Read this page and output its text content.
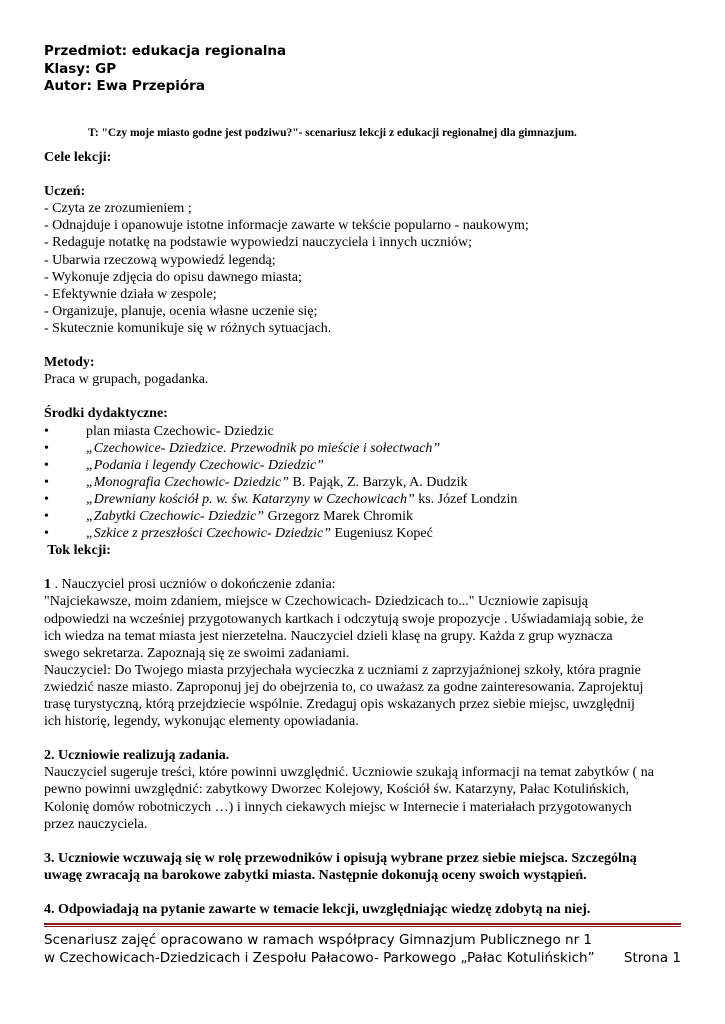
Przedmiot: edukacja regionalna
Klasy: GP
Autor: Ewa Przepióra
T: "Czy moje miasto godne jest podziwu?"- scenariusz lekcji z edukacji regionalnej dla gimnazjum.

Cele lekcji:

Uczeń:

- Czyta ze zrozumieniem ;

- Odnajduje i opanowuje istotne informacje zawarte w tekście popularno - naukowym;

- Redaguje notatkę na podstawie wypowiedzi nauczyciela i innych uczniów;

- Ubarwia rzeczową wypowiedź legendą;

- Wykonuje zdjęcia do opisu dawnego miasta;

- Efektywnie działa w zespole;

- Organizuje, planuje, ocenia własne uczenie się;

- Skutecznie komunikuje się w różnych sytuacjach.

Metody:

Praca w grupach, pogadanka.

Środki dydaktyczne:

•	plan miasta Czechowic- Dziedzic

•	„Czechowice- Dziedzice. Przewodnik po mieście i sołectwach”

•	„Podania i legendy Czechowic- Dziedzic”

•	„Monografia Czechowic- Dziedzic” B. Pająk, Z. Barzyk, A. Dudzik

•	„Drewniany kościół p. w. św. Katarzyny w Czechowicach” ks. Józef Londzin

•	„Zabytki Czechowic- Dziedzic” Grzegorz Marek Chromik

•	„Szkice z przeszłości Czechowic- Dziedzic” Eugeniusz Kopeć

Tok lekcji:

1 . Nauczyciel prosi uczniów o dokończenie zdania:

"Najciekawsze, moim zdaniem, miejsce w Czechowicach- Dziedzicach to..." Uczniowie zapisują

odpowiedzi na wcześniej przygotowanych kartkach i odczytują swoje propozycje . Uświadamiają sobie, że

ich wiedza na temat miasta jest nierzetelna. Nauczyciel dzieli klasę na grupy. Każda z grup wyznacza

swego sekretarza. Zapoznają się ze swoimi zadaniami.

Nauczyciel: Do Twojego miasta przyjechała wycieczka z uczniami z zaprzyjaźnionej szkoły, która pragnie

zwiedzić nasze miasto. Zaproponuj jej do obejrzenia to, co uważasz za godne zainteresowania. Zaprojektuj

trasę turystyczną, którą przejdziecie wspólnie. Zredaguj opis wskazanych przez siebie miejsc, uwzględnij

ich historię, legendy, wykonując elementy opowiadania.

2. Uczniowie realizują zadania.

Nauczyciel sugeruje treści, które powinni uwzględnić. Uczniowie szukają informacji na temat zabytków ( na

pewno powinni uwzględnić: zabytkowy Dworzec Kolejowy, Kościół św. Katarzyny, Pałac Kotulińskich,

Kolonię domów robotniczych …) i innych ciekawych miejsc w Internecie i materiałach przygotowanych

przez nauczyciela.

3. Uczniowie wczuwają się w rolę przewodników i opisują wybrane przez siebie miejsca. Szczególną

uwagę zwracają na barokowe zabytki miasta. Następnie dokonują oceny swoich wystąpień.

4. Odpowiadają na pytanie zawarte w temacie lekcji, uwzględniając wiedzę zdobytą na niej.

Scenariusz zajęć opracowano w ramach współpracy Gimnazjum Publicznego nr 1
w Czechowicach-Dziedzicach i Zespołu Pałacowo- Parkowego „Pałac Kotulińskich”	Strona 1
